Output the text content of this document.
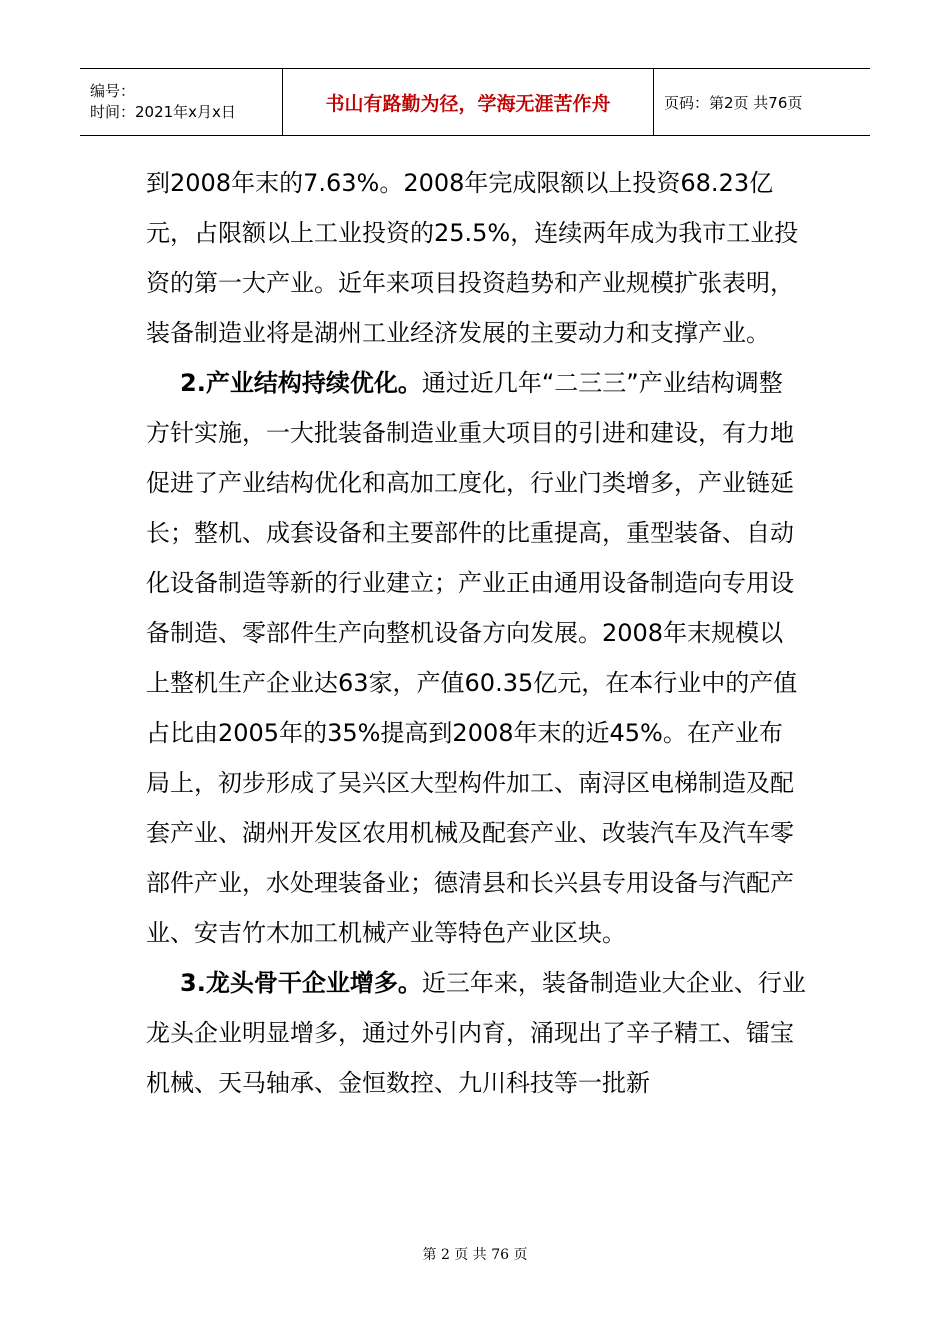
编号：
时间：2021年x月x日	书山有路勤为径，学海无涯苦作舟	页码：第2页 共76页

到2008年末的7.63%。2008年完成限额以上投资68.23亿元，占限额以上工业投资的25.5%，连续两年成为我市工业投资的第一大产业。近年来项目投资趋势和产业规模扩张表明，装备制造业将是湖州工业经济发展的主要动力和支撑产业。

2.产业结构持续优化。通过近几年“二三三”产业结构调整方针实施，一大批装备制造业重大项目的引进和建设，有力地促进了产业结构优化和高加工度化，行业门类增多，产业链延长；整机、成套设备和主要部件的比重提高，重型装备、自动化设备制造等新的行业建立；产业正由通用设备制造向专用设备制造、零部件生产向整机设备方向发展。2008年末规模以上整机生产企业达63家，产值60.35亿元，在本行业中的产值占比由2005年的35%提高到2008年末的近45%。在产业布局上，初步形成了吴兴区大型构件加工、南浔区电梯制造及配套产业、湖州开发区农用机械及配套产业、改装汽车及汽车零部件产业，水处理装备业；德清县和长兴县专用设备与汽配产业、安吉竹木加工机械产业等特色产业区块。

3.龙头骨干企业增多。近三年来，装备制造业大企业、行业龙头企业明显增多，通过外引内育，涌现出了辛子精工、镭宝机械、天马轴承、金恒数控、九川科技等一批新

第 2 页 共 76 页
